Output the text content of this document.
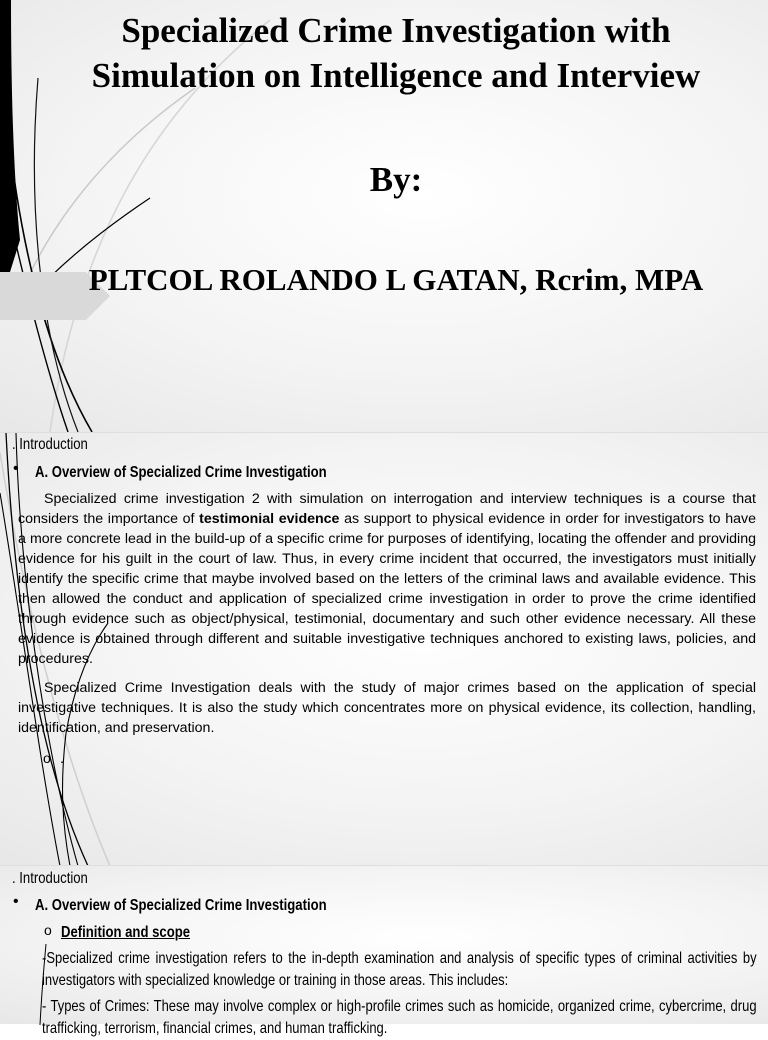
Specialized Crime Investigation with
Simulation on Intelligence and Interview
By:
PLTCOL ROLANDO L GATAN, Rcrim, MPA
. Introduction
• A. Overview of Specialized Crime Investigation

Specialized crime investigation 2 with simulation on interrogation and interview techniques is a course that considers the importance of testimonial evidence as support to physical evidence in order for investigators to have a more concrete lead in the build-up of a specific crime for purposes of identifying, locating the offender and providing evidence for his guilt in the court of law. Thus, in every crime incident that occurred, the investigators must initially identify the specific crime that maybe involved based on the letters of the criminal laws and available evidence. This then allowed the conduct and application of specialized crime investigation in order to prove the crime identified through evidence such as object/physical, testimonial, documentary and such other evidence necessary. All these evidence is obtained through different and suitable investigative techniques anchored to existing laws, policies, and procedures.

Specialized Crime Investigation deals with the study of major crimes based on the application of special investigative techniques. It is also the study which concentrates more on physical evidence, its collection, handling, identification, and preservation.

o .
. Introduction
• A. Overview of Specialized Crime Investigation
o Definition and scope

-Specialized crime investigation refers to the in-depth examination and analysis of specific types of criminal activities by investigators with specialized knowledge or training in those areas. This includes:

- Types of Crimes: These may involve complex or high-profile crimes such as homicide, organized crime, cybercrime, drug trafficking, terrorism, financial crimes, and human trafficking.
